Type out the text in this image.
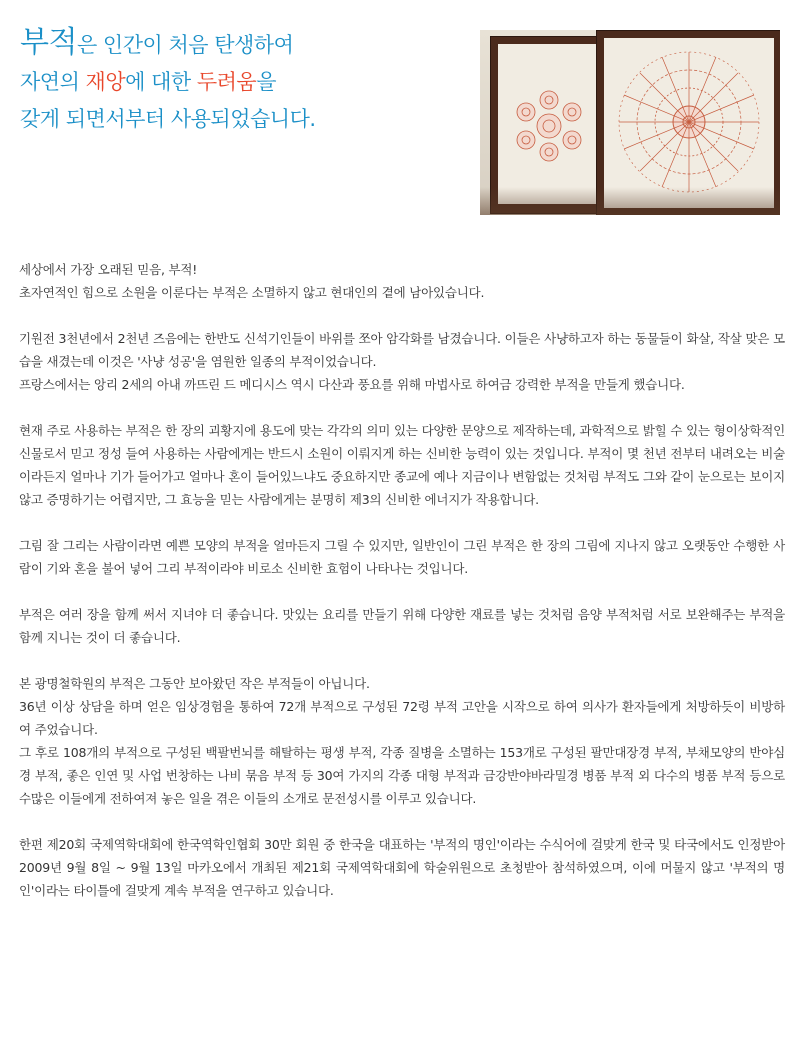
부적은 인간이 처음 탄생하여
자연의 재앙에 대한 두려움을
갖게 되면서부터 사용되었습니다.
세상에서 가장 오래된 믿음, 부적!
초자연적인 힘으로 소원을 이룬다는 부적은 소멸하지 않고 현대인의 곁에 남아있습니다.
기원전 3천년에서 2천년 즈음에는 한반도 신석기인들이 바위를 쪼아 암각화를 남겼습니다. 이들은 사냥하고자 하는 동물들이 화살, 작살 맞은 모습을 새겼는데 이것은 '사냥 성공'을 염원한 일종의 부적이었습니다.
프랑스에서는 앙리 2세의 아내 까뜨린 드 메디시스 역시 다산과 풍요를 위해 마법사로 하여금 강력한 부적을 만들게 했습니다.
현재 주로 사용하는 부적은 한 장의 괴황지에 용도에 맞는 각각의 의미 있는 다양한 문양으로 제작하는데, 과학적으로 밝힐 수 있는 형이상학적인 신물로서 믿고 정성 들여 사용하는 사람에게는 반드시 소원이 이뤄지게 하는 신비한 능력이 있는 것입니다. 부적이 몇 천년 전부터 내려오는 비술이라든지 얼마나 기가 들어가고 얼마나 혼이 들어있느냐도 중요하지만 종교에 예나 지금이나 변함없는 것처럼 부적도 그와 같이 눈으로는 보이지 않고 증명하기는 어렵지만, 그 효능을 믿는 사람에게는 분명히 제3의 신비한 에너지가 작용합니다.
그림 잘 그리는 사람이라면 예쁜 모양의 부적을 얼마든지 그릴 수 있지만, 일반인이 그린 부적은 한 장의 그림에 지나지 않고 오랫동안 수행한 사람이 기와 혼을 불어 넣어 그리 부적이라야 비로소 신비한 효험이 나타나는 것입니다.
부적은 여러 장을 함께 써서 지녀야 더 좋습니다. 맛있는 요리를 만들기 위해 다양한 재료를 넣는 것처럼 음양 부적처럼 서로 보완해주는 부적을 함께 지니는 것이 더 좋습니다.
본 광명철학원의 부적은 그동안 보아왔던 작은 부적들이 아닙니다.
36년 이상 상담을 하며 얻은 임상경험을 통하여 72개 부적으로 구성된 72령 부적 고안을 시작으로 하여 의사가 환자들에게 처방하듯이 비방하여 주었습니다.
그 후로 108개의 부적으로 구성된 백팔번뇌를 해탈하는 평생 부적, 각종 질병을 소멸하는 153개로 구성된 팔만대장경 부적, 부채모양의 반야심경 부적, 좋은 인연 및 사업 번창하는 나비 묶음 부적 등 30여 가지의 각종 대형 부적과 금강반야바라밀경 병품 부적 외 다수의 병품 부적 등으로 수많은 이들에게 전하여져 놓은 일을 겪은 이들의 소개로 문전성시를 이루고 있습니다.
한편 제20회 국제역학대회에 한국역학인협회 30만 회원 중 한국을 대표하는 '부적의 명인'이라는 수식어에 걸맞게 한국 및 타국에서도 인정받아 2009년 9월 8일 ~ 9월 13일 마카오에서 개최된 제21회 국제역학대회에 학술위원으로 초청받아 참석하였으며, 이에 머물지 않고 '부적의 명인'이라는 타이틀에 걸맞게 계속 부적을 연구하고 있습니다.
